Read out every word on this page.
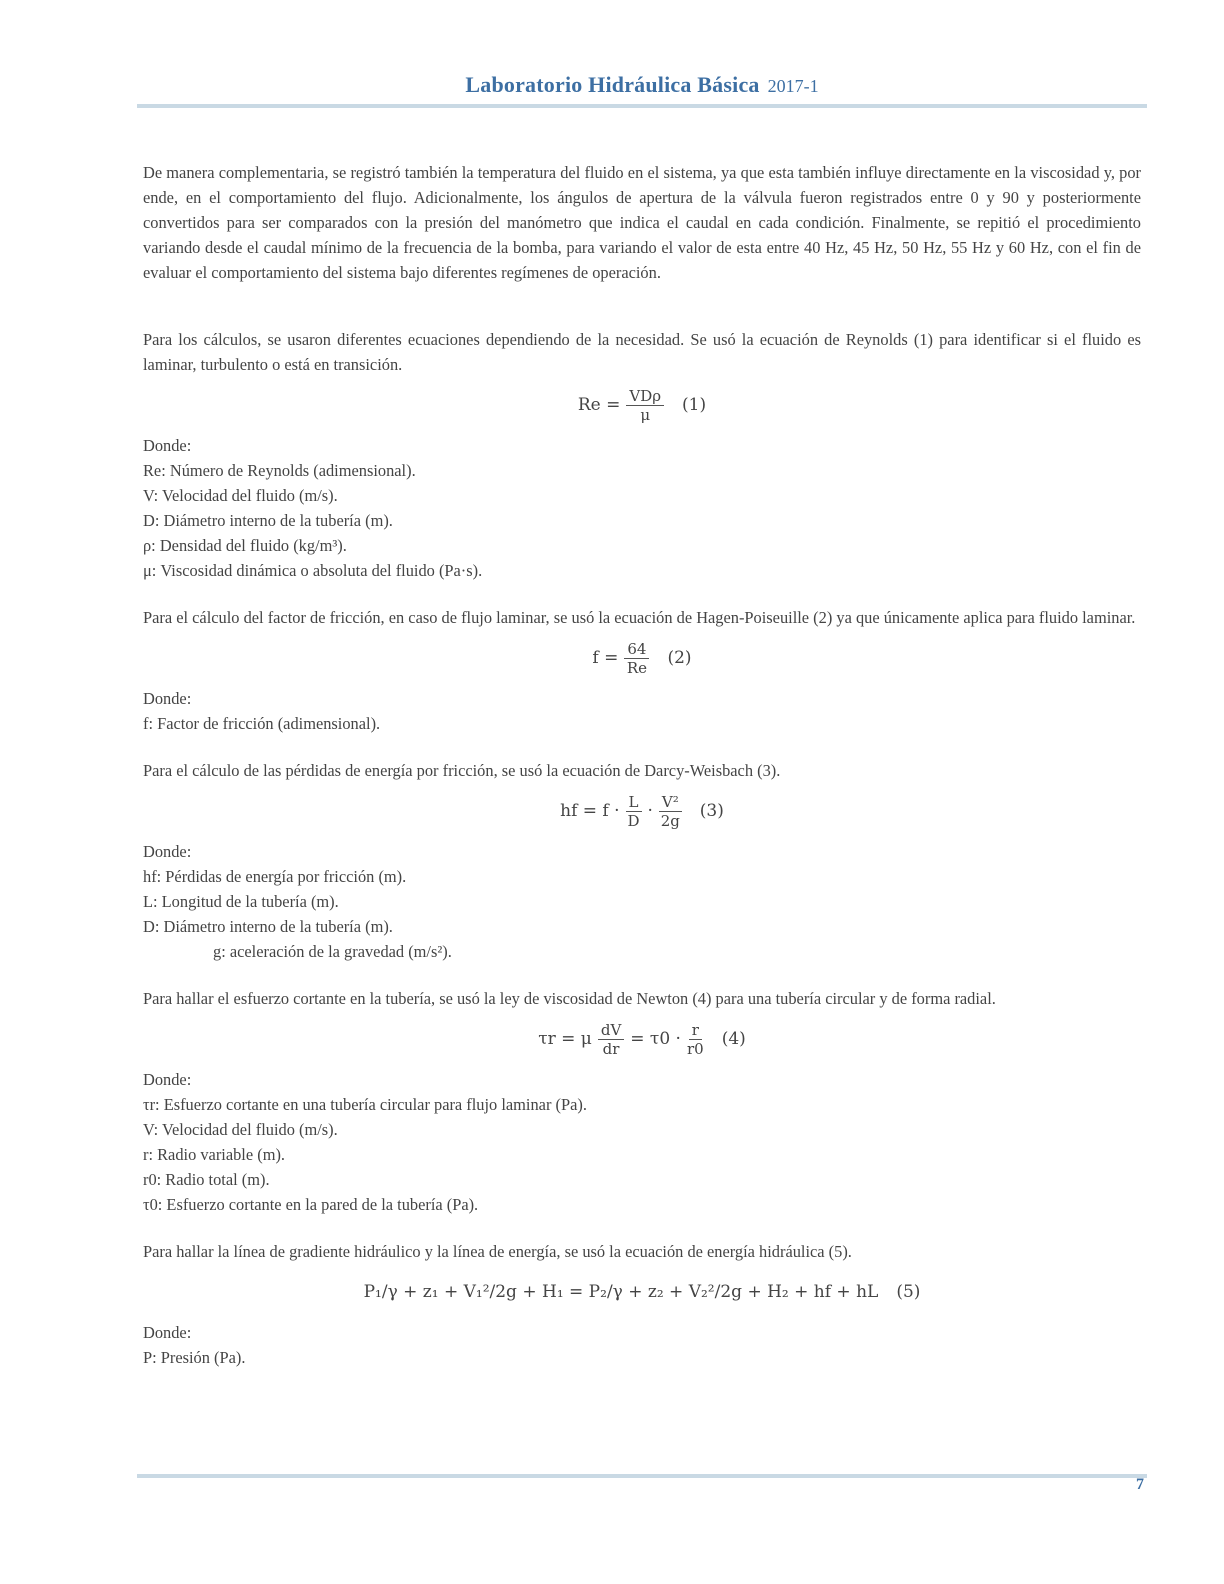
Laboratorio Hidráulica Básica 2017-1

De manera complementaria, se registró también la temperatura del fluido en el sistema, ya que esta también influye directamente en la viscosidad y, por ende, en el comportamiento del flujo. Adicionalmente, los ángulos de apertura de la válvula fueron registrados entre 0 y 90 y posteriormente convertidos para ser comparados con la presión del manómetro que indica el caudal en cada condición. Finalmente, se repitió el procedimiento variando desde el caudal mínimo de la frecuencia de la bomba, para variando el valor de esta entre 40 Hz, 45 Hz, 50 Hz, 55 Hz y 60 Hz, con el fin de evaluar el comportamiento del sistema bajo diferentes regímenes de operación.

Para los cálculos, se usaron diferentes ecuaciones dependiendo de la necesidad. Se usó la ecuación de Reynolds (1) para identificar si el fluido es laminar, turbulento o está en transición.

$Re = \frac{\text{VDρ}}{\mu} (1)$

Donde:

Re: Número de Reynolds (adimensional).

V: Velocidad del fluido (m/s).

D: Diámetro interno de la tubería (m).

ρ: Densidad del fluido (kg/m³).

μ: Viscosidad dinámica o absoluta del fluido (Pa·s).

Para el cálculo del factor de fricción, en caso de flujo laminar, se usó la ecuación de Hagen-Poiseuille (2) ya que únicamente aplica para fluido laminar.

$f = \frac{64}{Re} (2)$

Donde:

f: Factor de fricción (adimensional).

Para el cálculo de las pérdidas de energía por fricción, se usó la ecuación de Darcy-Weisbach (3).

hf = $f \cdot \frac{L}{D} \cdot \frac{\text{V²}}{2g} (3)$

Donde:

hf: Pérdidas de energía por fricción (m).

L: Longitud de la tubería (m).

D: Diámetro interno de la tubería (m).

g: aceleración de la gravedad (m/s²).

Para hallar el esfuerzo cortante en la tubería, se usó la ley de viscosidad de Newton (4) para una tubería circular y de forma radial.

τr = μ $\frac{dV}{dr} = \tau 0 \cdot \frac{r}{r0} (4)$

Donde:

τr: Esfuerzo cortante en una tubería circular para flujo laminar (Pa).

V: Velocidad del fluido (m/s).

r: Radio variable (m).

r0: Radio total (m).

τ0: Esfuerzo cortante en la pared de la tubería (Pa).

Para hallar la línea de gradiente hidráulico y la línea de energía, se usó la ecuación de energía hidráulica (5).

P₁/γ + z₁ + V₁²/2g + H₁ = P₂/γ + z₂ + V₂²/2g + H₂ + hf + hL (5)

Donde:

P: Presión (Pa).

7
